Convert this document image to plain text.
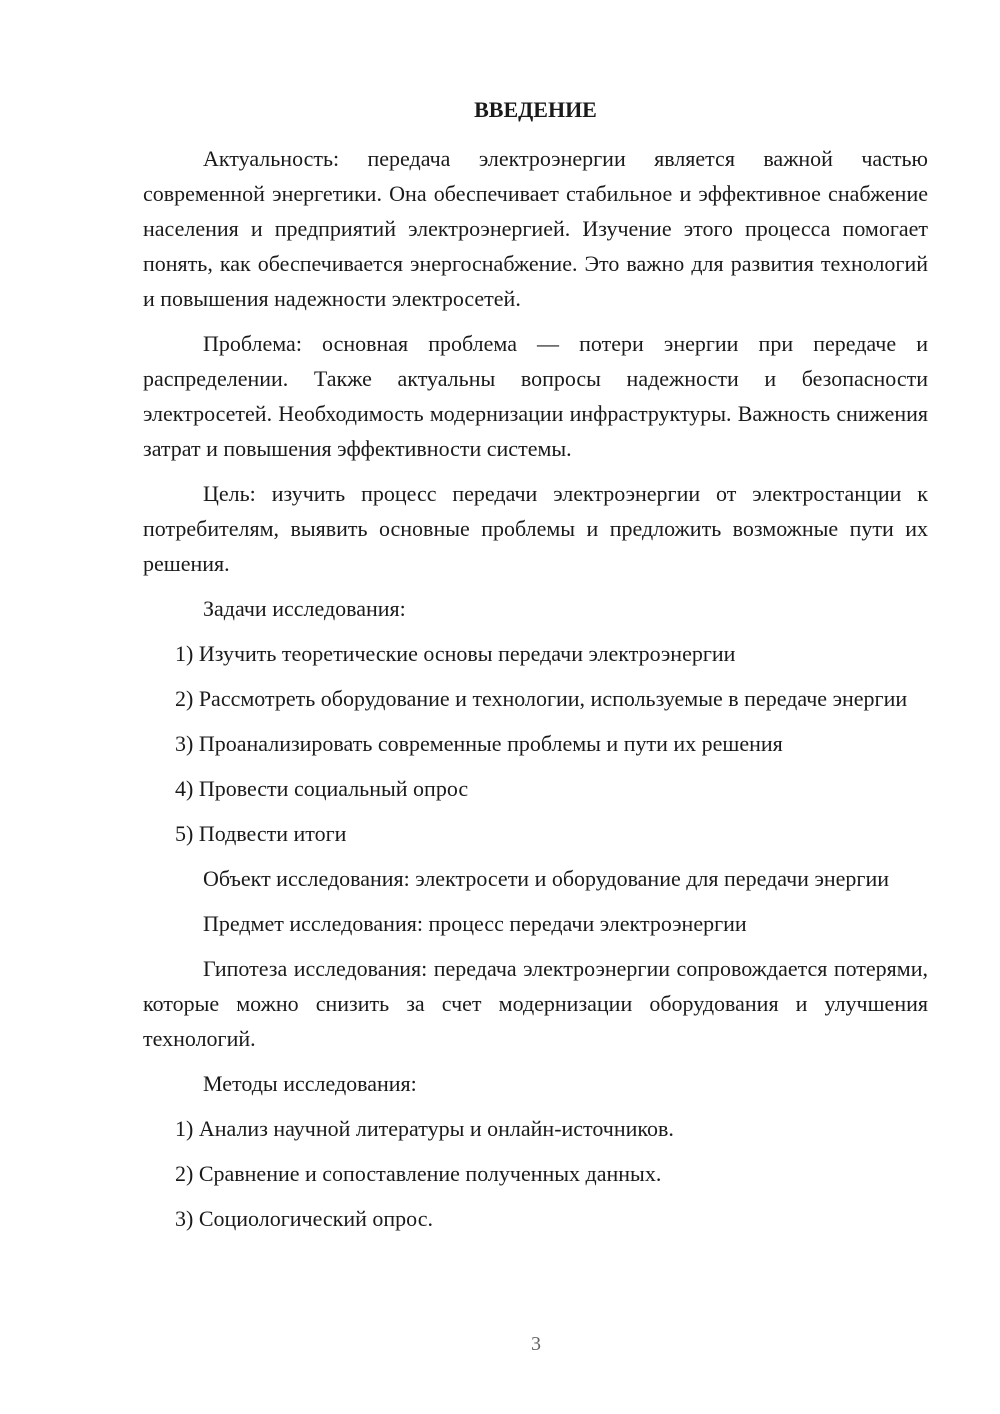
ВВЕДЕНИЕ

Актуальность: передача электроэнергии является важной частью современной энергетики. Она обеспечивает стабильное и эффективное снабжение населения и предприятий электроэнергией. Изучение этого процесса помогает понять, как обеспечивается энергоснабжение. Это важно для развития технологий и повышения надежности электросетей.

Проблема: основная проблема — потери энергии при передаче и распределении. Также актуальны вопросы надежности и безопасности электросетей. Необходимость модернизации инфраструктуры. Важность снижения затрат и повышения эффективности системы.

Цель: изучить процесс передачи электроэнергии от электростанции к потребителям, выявить основные проблемы и предложить возможные пути их решения.

Задачи исследования:

1) Изучить теоретические основы передачи электроэнергии

2) Рассмотреть оборудование и технологии, используемые в передаче энергии

3) Проанализировать современные проблемы и пути их решения

4) Провести социальный опрос

5) Подвести итоги

Объект исследования: электросети и оборудование для передачи энергии

Предмет исследования: процесс передачи электроэнергии

Гипотеза исследования: передача электроэнергии сопровождается потерями, которые можно снизить за счет модернизации оборудования и улучшения технологий.

Методы исследования:

1) Анализ научной литературы и онлайн-источников.

2) Сравнение и сопоставление полученных данных.

3) Социологический опрос.

3
